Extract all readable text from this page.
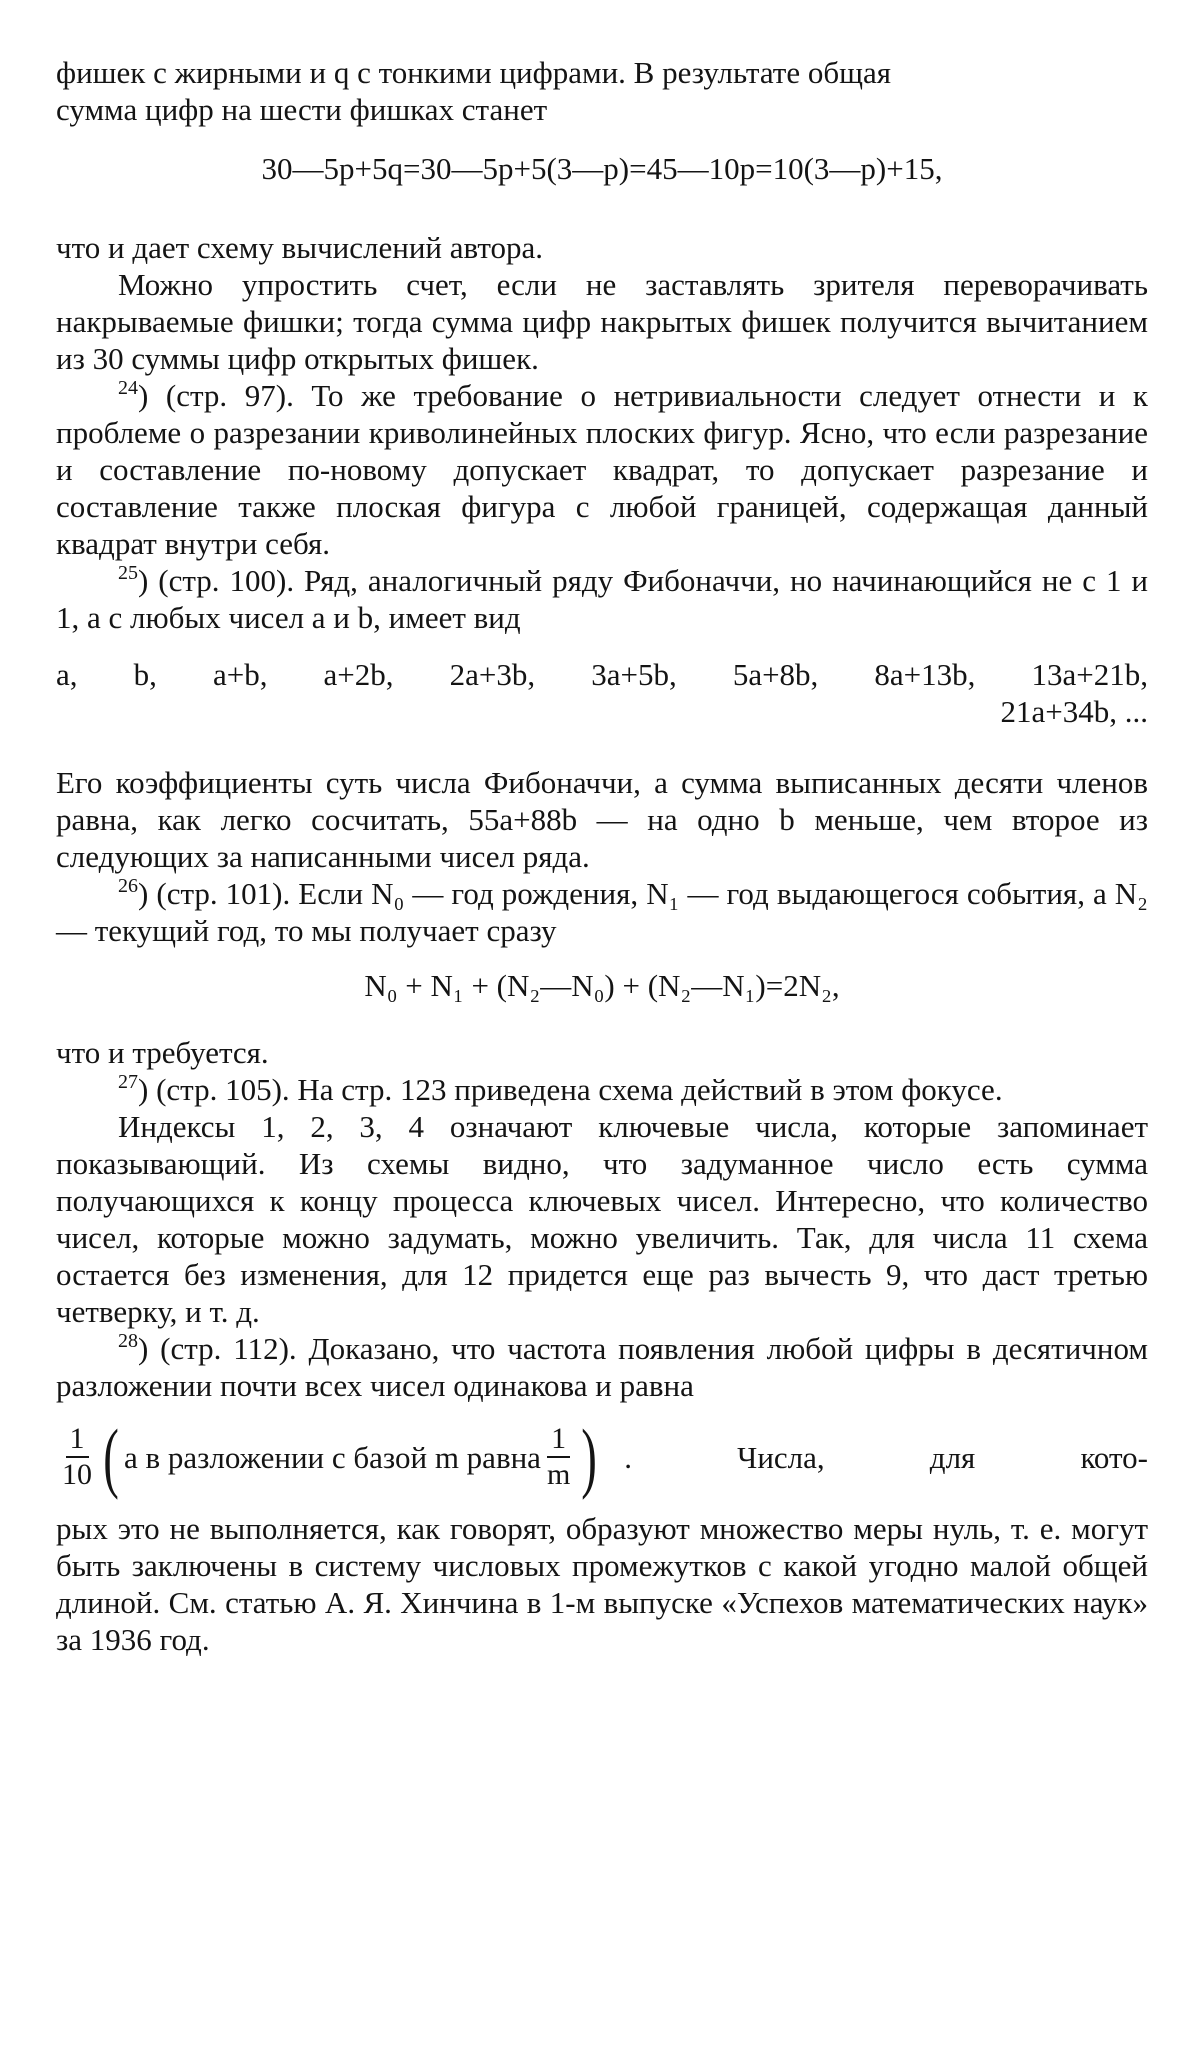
фишек с жирными и q с тонкими цифрами. В результате общая
сумма цифр на шести фишках станет

30—5p+5q=30—5p+5(3—p)=45—10p=10(3—p)+15,

что и дает схему вычислений автора.

Можно упростить счет, если не заставлять зрителя переворачивать накрываемые фишки; тогда сумма цифр накрытых фишек получится вычитанием из 30 суммы цифр открытых фишек.

$^{24}$) (стр. 97). То же требование о нетривиальности следует отнести и к проблеме о разрезании криволинейных плоских фигур. Ясно, что если разрезание и составление по-новому допускает квадрат, то допускает разрезание и составление также плоская фигура с любой границей, содержащая данный квадрат внутри себя.

$^{25}$) (стр. 100). Ряд, аналогичный ряду Фибоначчи, но начинающийся не с 1 и 1, а с любых чисел a и b, имеет вид

a, b, a+b, a+2b, 2a+3b, 3a+5b, 5a+8b, 8a+13b, 13a+21b,
21a+34b, ...

Его коэффициенты суть числа Фибоначчи, а сумма выписанных десяти членов равна, как легко сосчитать, 55a+88b — на одно b меньше, чем второе из следующих за написанными чисел ряда.

$^{26}$) (стр. 101). Если N₀ — год рождения, N₁ — год выдающегося события, а N₂ — текущий год, то мы получает сразу

N₀ + N₁ + (N₂—N₀) + (N₂—N₁)=2N₂,

что и требуется.

$^{27}$) (стр. 105). На стр. 123 приведена схема действий в этом фокусе.

Индексы 1, 2, 3, 4 означают ключевые числа, которые запоминает показывающий. Из схемы видно, что задуманное число есть сумма получающихся к концу процесса ключевых чисел. Интересно, что количество чисел, которые можно задумать, можно увеличить. Так, для числа 11 схема остается без изменения, для 12 придется еще раз вычесть 9, что даст третью четверку, и т. д.

$^{28}$) (стр. 112). Доказано, что частота появления любой цифры в десятичном разложении почти всех чисел одинакова и равна

$\frac{1}{10}$ ( а в разложении с базой m равна $\frac{1}{m}$ ) . Числа, для кото-

рых это не выполняется, как говорят, образуют множество меры нуль, т. е. могут быть заключены в систему числовых промежутков с какой угодно малой общей длиной. См. статью А. Я. Хинчина в 1-м выпуске «Успехов математических наук» за 1936 год.
